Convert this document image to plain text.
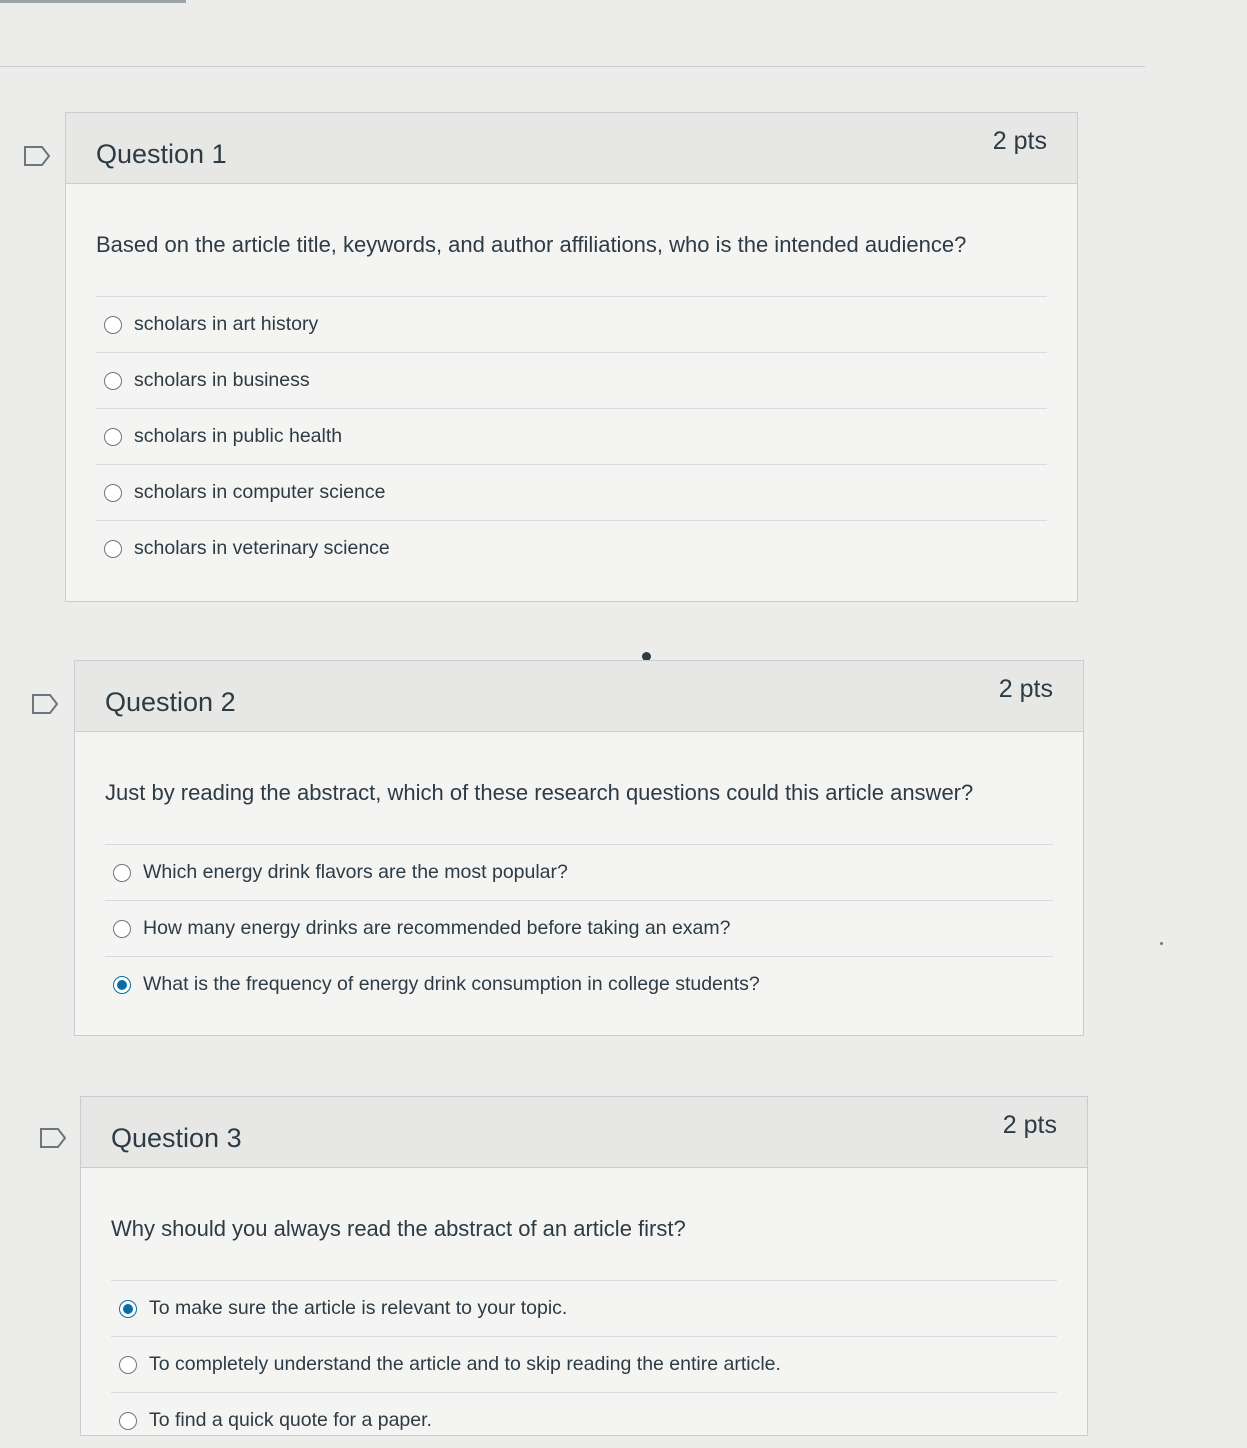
Question 1	2 pts
Based on the article title, keywords, and author affiliations, who is the intended audience?
scholars in art history
scholars in business
scholars in public health
scholars in computer science
scholars in veterinary science
Question 2	2 pts
Just by reading the abstract, which of these research questions could this article answer?
Which energy drink flavors are the most popular?
How many energy drinks are recommended before taking an exam?
What is the frequency of energy drink consumption in college students?
Question 3	2 pts
Why should you always read the abstract of an article first?
To make sure the article is relevant to your topic.
To completely understand the article and to skip reading the entire article.
To find a quick quote for a paper.
